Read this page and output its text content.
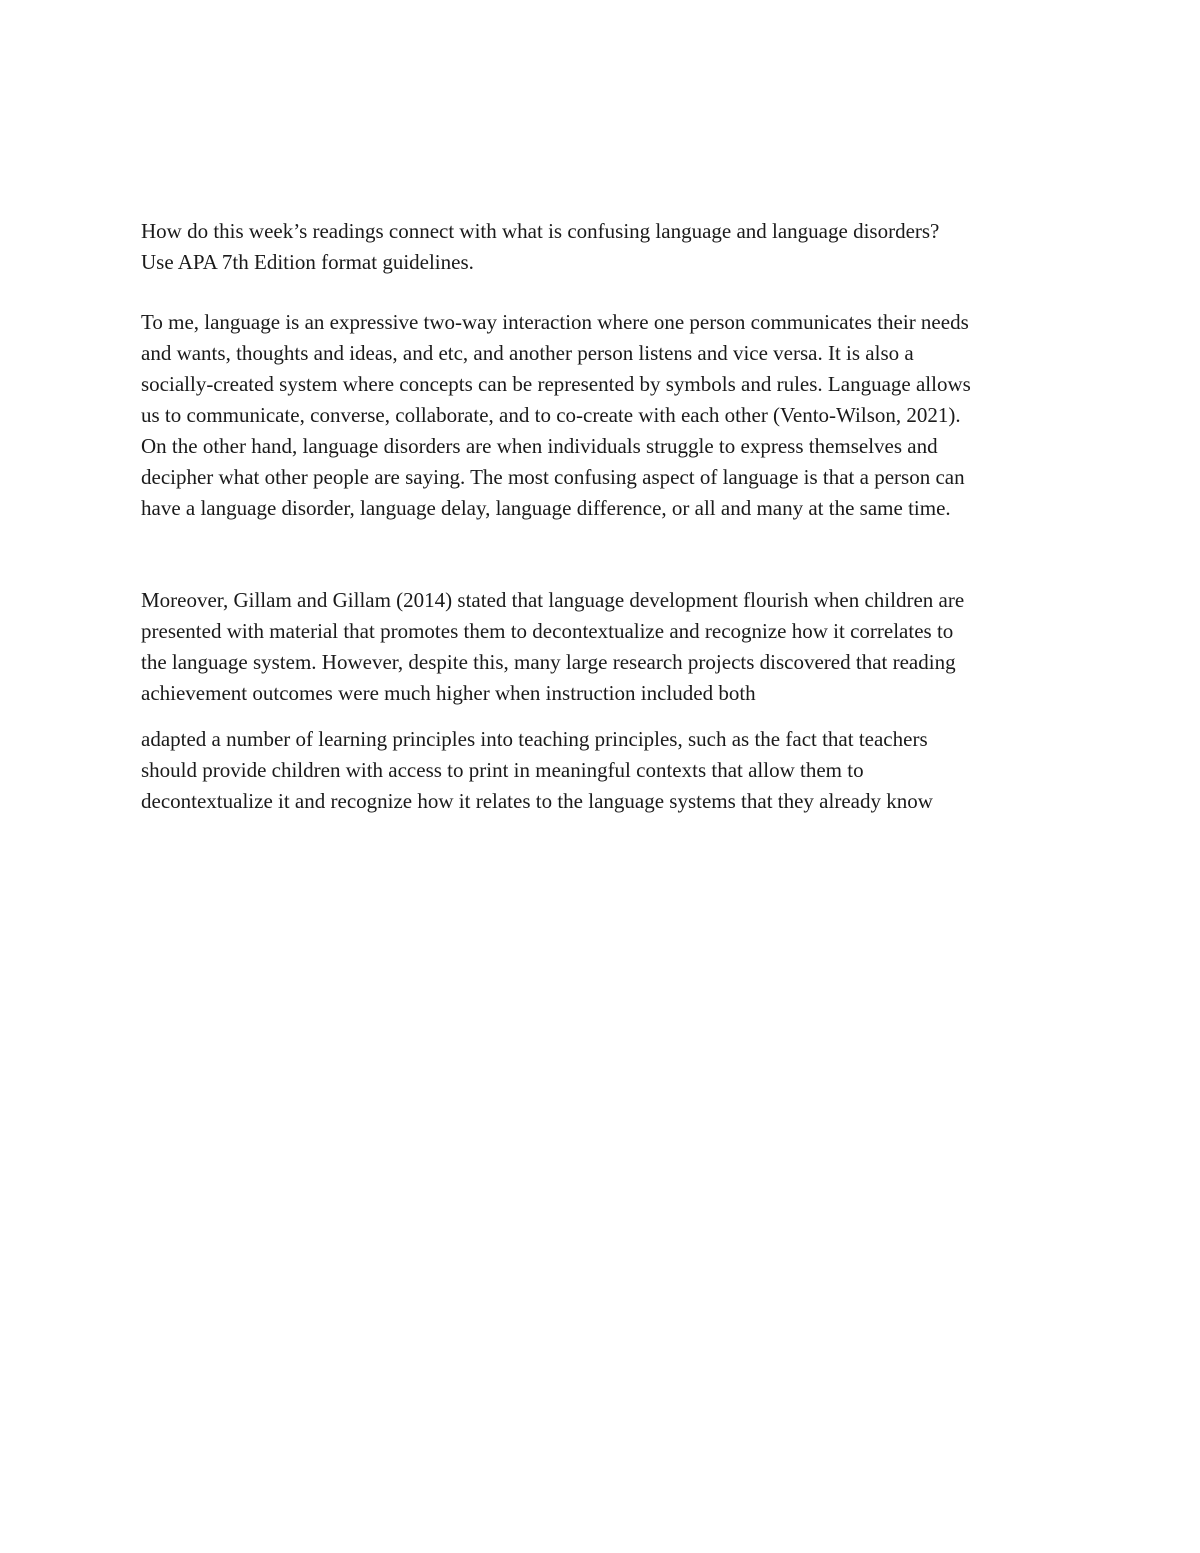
How do this week’s readings connect with what is confusing language and language disorders?
Use APA 7th Edition format guidelines.

To me, language is an expressive two-way interaction where one person communicates their needs
and wants, thoughts and ideas, and etc, and another person listens and vice versa. It is also a
socially-created system where concepts can be represented by symbols and rules. Language allows
us to communicate, converse, collaborate, and to co-create with each other (Vento-Wilson, 2021).
On the other hand, language disorders are when individuals struggle to express themselves and
decipher what other people are saying. The most confusing aspect of language is that a person can
have a language disorder, language delay, language difference, or all and many at the same time.

Moreover, Gillam and Gillam (2014) stated that language development flourish when children are
presented with material that promotes them to decontextualize and recognize how it correlates to
the language system. However, despite this, many large research projects discovered that reading
achievement outcomes were much higher when instruction included both

adapted a number of learning principles into teaching principles, such as the fact that teachers
should provide children with access to print in meaningful contexts that allow them to
decontextualize it and recognize how it relates to the language systems that they already know
